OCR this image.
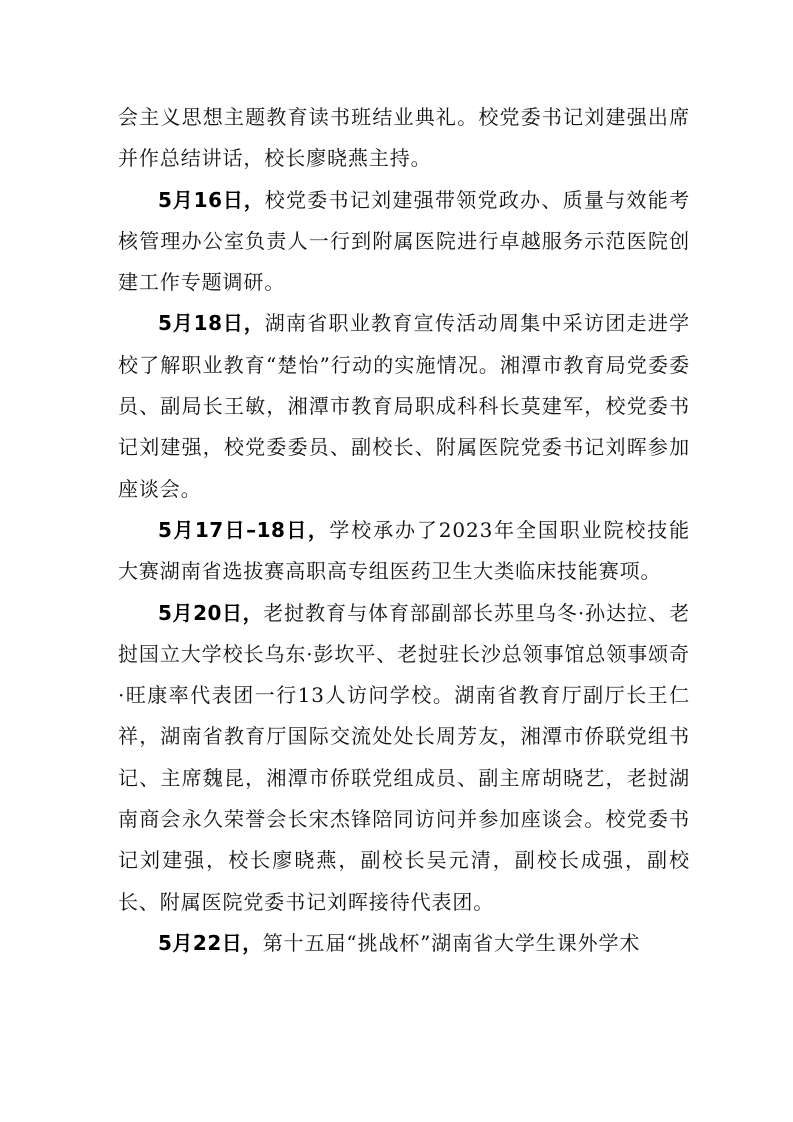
会主义思想主题教育读书班结业典礼。校党委书记刘建强出席并作总结讲话，校长廖晓燕主持。

5月16日，校党委书记刘建强带领党政办、质量与效能考核管理办公室负责人一行到附属医院进行卓越服务示范医院创建工作专题调研。

5月18日，湖南省职业教育宣传活动周集中采访团走进学校了解职业教育“楚怡”行动的实施情况。湘潭市教育局党委委员、副局长王敏，湘潭市教育局职成科科长莫建军，校党委书记刘建强，校党委委员、副校长、附属医院党委书记刘晖参加座谈会。

5月17日–18日，学校承办了2023年全国职业院校技能大赛湖南省选拔赛高职高专组医药卫生大类临床技能赛项。

5月20日，老挝教育与体育部副部长苏里乌冬·孙达拉、老挝国立大学校长乌东·彭坎平、老挝驻长沙总领事馆总领事颂奇·旺康率代表团一行13人访问学校。湖南省教育厅副厅长王仁祥，湖南省教育厅国际交流处处长周芳友，湘潭市侨联党组书记、主席魏昆，湘潭市侨联党组成员、副主席胡晓艺，老挝湖南商会永久荣誉会长宋杰锋陪同访问并参加座谈会。校党委书记刘建强，校长廖晓燕，副校长吴元清，副校长成强，副校长、附属医院党委书记刘晖接待代表团。

5月22日，第十五届“挑战杯”湖南省大学生课外学术
